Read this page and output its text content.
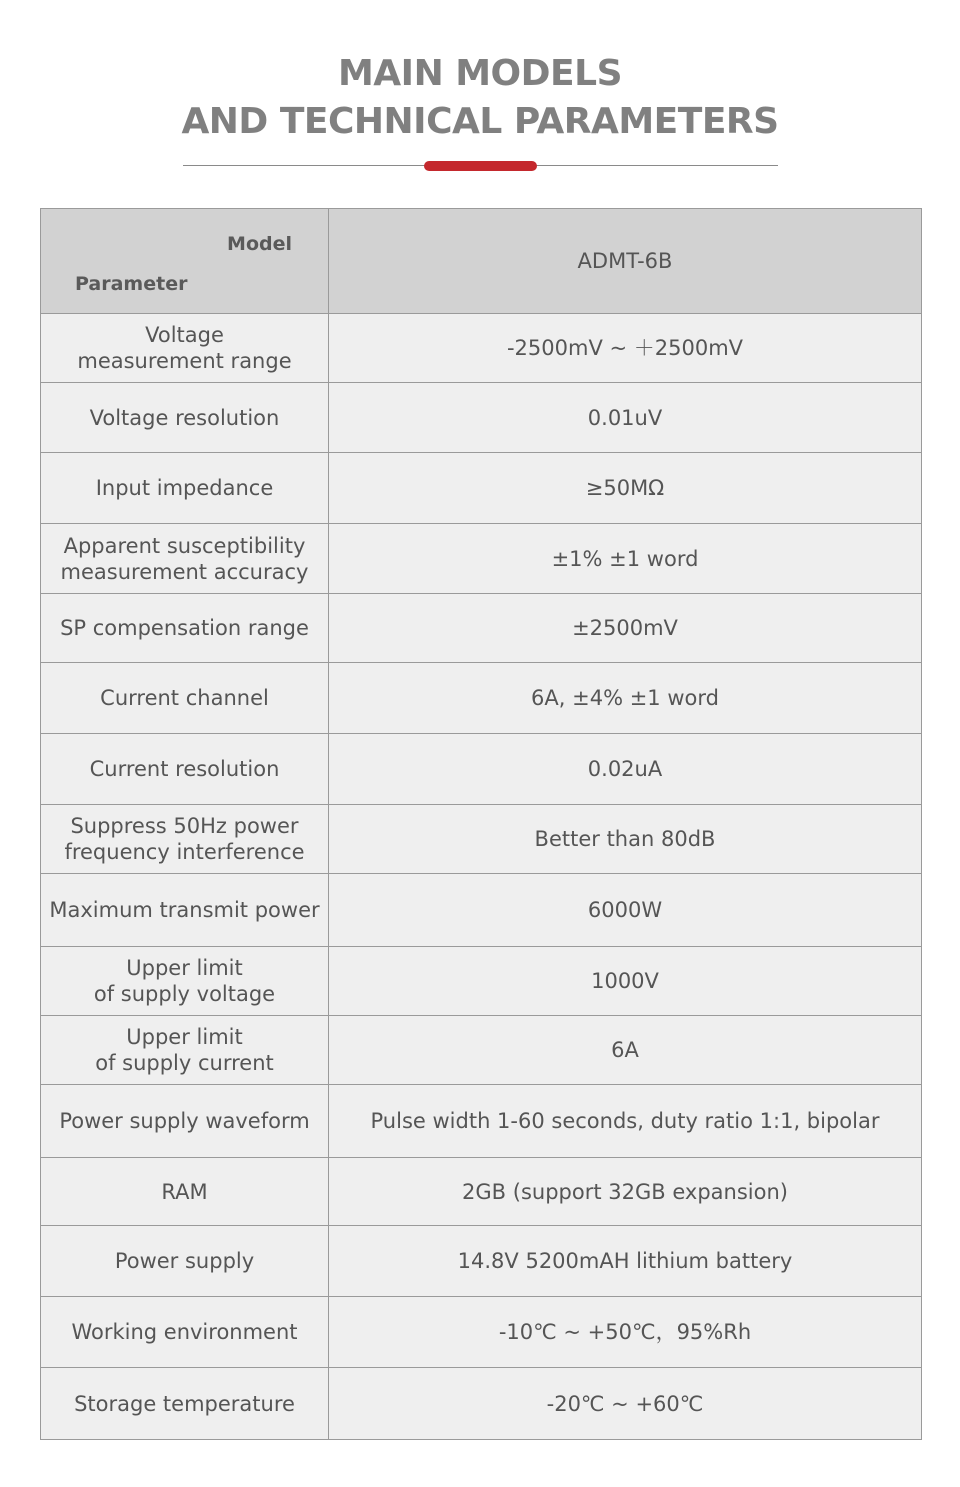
MAIN MODELS
AND TECHNICAL PARAMETERS
Model
Parameter	ADMT-6B

Voltage
measurement range	-2500mV ~ ＋2500mV

Voltage resolution	0.01uV

Input impedance	≥50MΩ

Apparent susceptibility
measurement accuracy	±1% ±1 word

SP compensation range	±2500mV

Current channel	6A, ±4% ±1 word

Current resolution	0.02uA

Suppress 50Hz power
frequency interference	Better than 80dB

Maximum transmit power	6000W

Upper limit
of supply voltage	1000V

Upper limit
of supply current	6A

Power supply waveform	Pulse width 1-60 seconds, duty ratio 1:1, bipolar

RAM	2GB (support 32GB expansion)

Power supply	14.8V 5200mAH lithium battery

Working environment	-10℃ ~ +50℃，95%Rh

Storage temperature	-20℃ ~ +60℃
